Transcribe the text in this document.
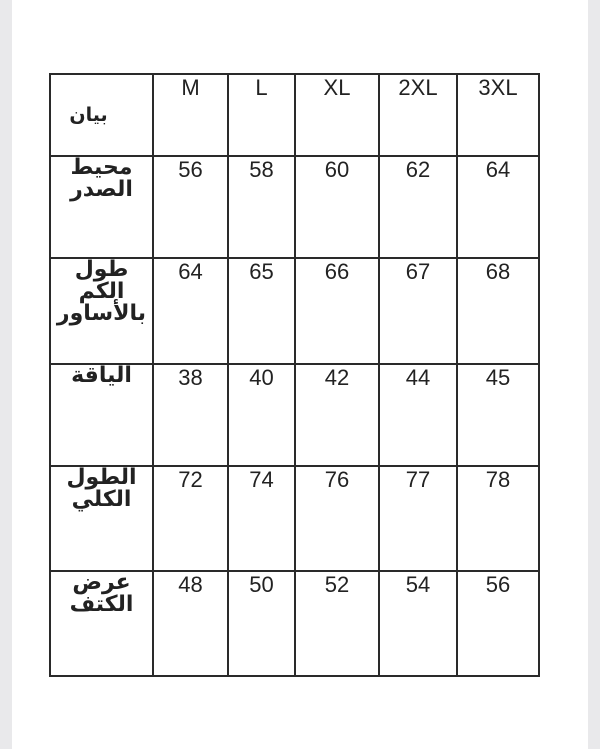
بيان	M	L	XL	2XL	3XL

محيط
الصدر	56	58	60	62	64

طول الكم
بالأساور	64	65	66	67	68

الياقة	38	40	42	44	45

الطول
الكلي	72	74	76	77	78

عرض
الكتف	48	50	52	54	56
